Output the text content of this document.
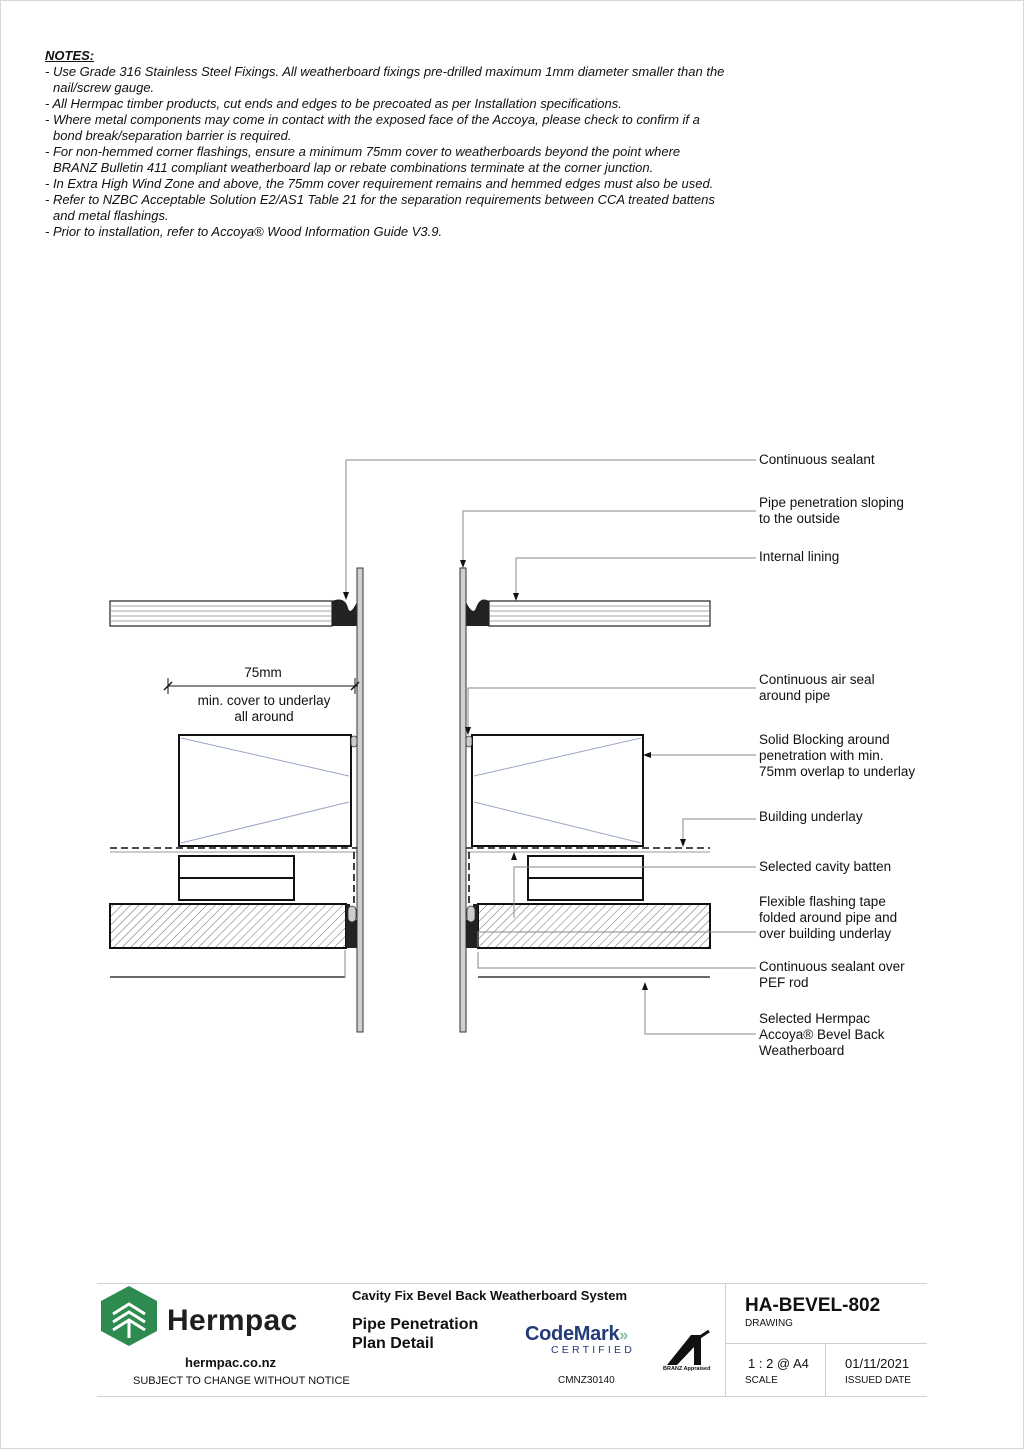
NOTES:
- Use Grade 316 Stainless Steel Fixings. All weatherboard fixings pre-drilled maximum 1mm diameter smaller than the nail/screw gauge.
- All Hermpac timber products, cut ends and edges to be precoated as per Installation specifications.
- Where metal components may come in contact with the exposed face of the Accoya, please check to confirm if a bond break/separation barrier is required.
- For non-hemmed corner flashings, ensure a minimum 75mm cover to weatherboards beyond the point where BRANZ Bulletin 411 compliant weatherboard lap or rebate combinations terminate at the corner junction.
- In Extra High Wind Zone and above, the 75mm cover requirement remains and hemmed edges must also be used.
- Refer to NZBC Acceptable Solution E2/AS1 Table 21 for the separation requirements between CCA treated battens and metal flashings.
- Prior to installation, refer to Accoya® Wood Information Guide V3.9.
75mm
min. cover to underlay
all around
Continuous sealant
Pipe penetration sloping
to the outside
Internal lining
Continuous air seal
around pipe
Solid Blocking around
penetration with min.
75mm overlap to underlay
Building underlay
Selected cavity batten
Flexible flashing tape
folded around pipe and
over building underlay
Continuous sealant over
PEF rod
Selected Hermpac
Accoya® Bevel Back
Weatherboard
Hermpac
hermpac.co.nz
SUBJECT TO CHANGE WITHOUT NOTICE
Cavity Fix Bevel Back Weatherboard System
Pipe Penetration
Plan Detail	CodeMark»
CERTIFIED
CMNZ30140
BRANZ Appraised
HA-BEVEL-802
DRAWING
1 : 2 @ A4
SCALE
01/11/2021
ISSUED DATE
